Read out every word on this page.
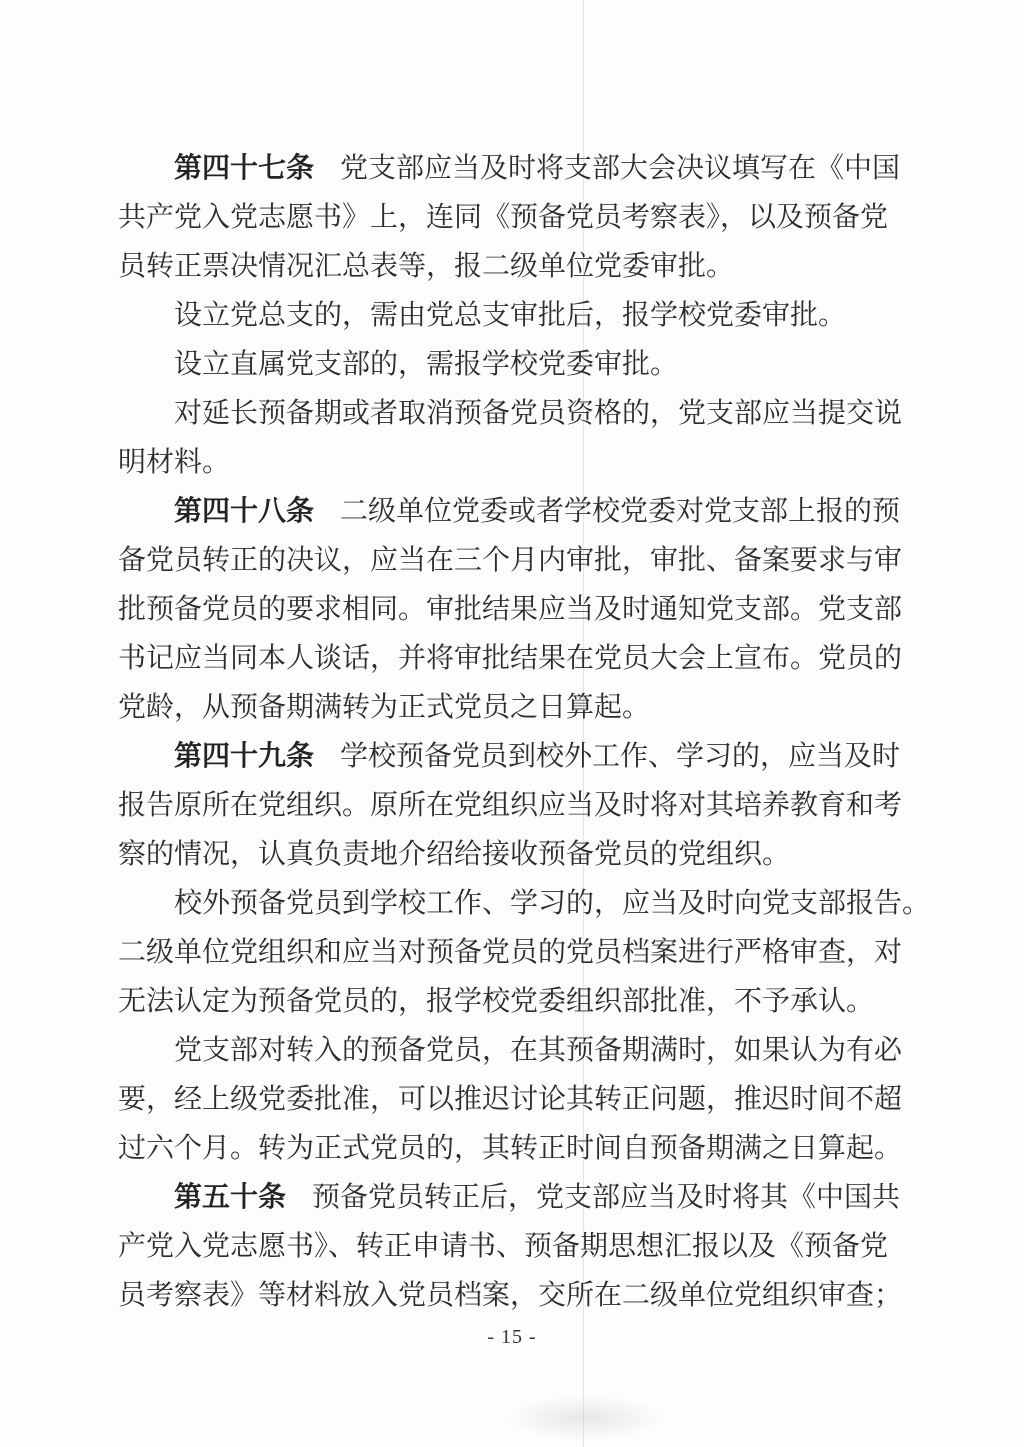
第四十七条 党支部应当及时将支部大会决议填写在《中国
共产党入党志愿书》上，连同《预备党员考察表》，以及预备党
员转正票决情况汇总表等，报二级单位党委审批。
设立党总支的，需由党总支审批后，报学校党委审批。
设立直属党支部的，需报学校党委审批。
对延长预备期或者取消预备党员资格的，党支部应当提交说
明材料。
第四十八条 二级单位党委或者学校党委对党支部上报的预
备党员转正的决议，应当在三个月内审批，审批、备案要求与审
批预备党员的要求相同。审批结果应当及时通知党支部。党支部
书记应当同本人谈话，并将审批结果在党员大会上宣布。党员的
党龄，从预备期满转为正式党员之日算起。
第四十九条 学校预备党员到校外工作、学习的，应当及时
报告原所在党组织。原所在党组织应当及时将对其培养教育和考
察的情况，认真负责地介绍给接收预备党员的党组织。
校外预备党员到学校工作、学习的，应当及时向党支部报告。
二级单位党组织和应当对预备党员的党员档案进行严格审查，对
无法认定为预备党员的，报学校党委组织部批准，不予承认。
党支部对转入的预备党员，在其预备期满时，如果认为有必
要，经上级党委批准，可以推迟讨论其转正问题，推迟时间不超
过六个月。转为正式党员的，其转正时间自预备期满之日算起。
第五十条 预备党员转正后，党支部应当及时将其《中国共
产党入党志愿书》、转正申请书、预备期思想汇报以及《预备党
员考察表》等材料放入党员档案，交所在二级单位党组织审查；
- 15 -
